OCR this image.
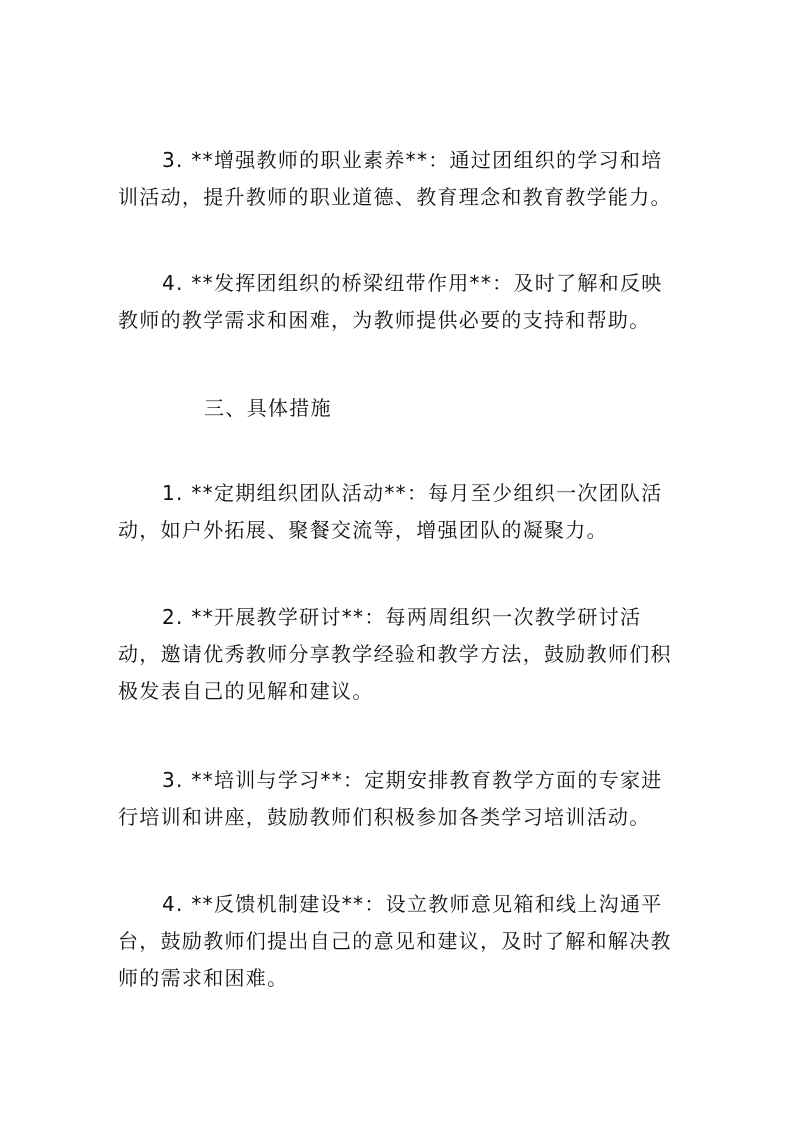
3. **增强教师的职业素养**：通过团组织的学习和培训活动，提升教师的职业道德、教育理念和教育教学能力。
4. **发挥团组织的桥梁纽带作用**：及时了解和反映教师的教学需求和困难，为教师提供必要的支持和帮助。
三、具体措施
1. **定期组织团队活动**：每月至少组织一次团队活动，如户外拓展、聚餐交流等，增强团队的凝聚力。
2. **开展教学研讨**：每两周组织一次教学研讨活动，邀请优秀教师分享教学经验和教学方法，鼓励教师们积极发表自己的见解和建议。
3. **培训与学习**：定期安排教育教学方面的专家进行培训和讲座，鼓励教师们积极参加各类学习培训活动。
4. **反馈机制建设**：设立教师意见箱和线上沟通平台，鼓励教师们提出自己的意见和建议，及时了解和解决教师的需求和困难。
